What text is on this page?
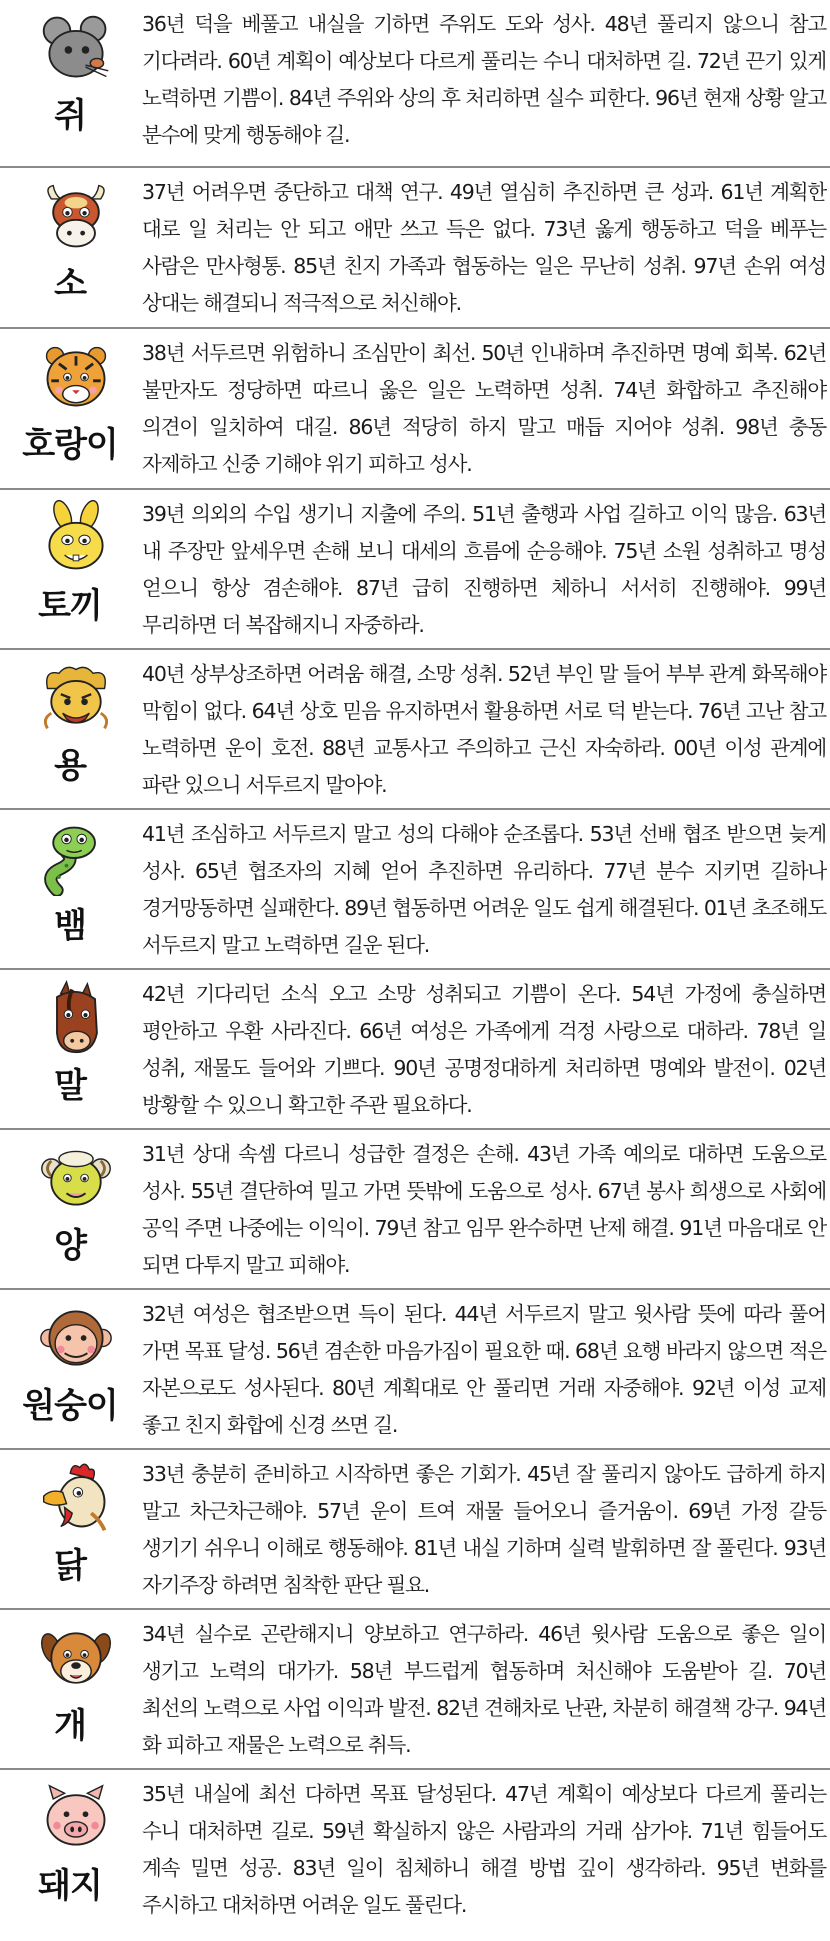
쥐

36년 덕을 베풀고 내실을 기하면 주위도 도와 성사. 48년 풀리지 않으니 참고 기다려라. 60년 계획이 예상보다 다르게 풀리는 수니 대처하면 길. 72년 끈기 있게 노력하면 기쁨이. 84년 주위와 상의 후 처리하면 실수 피한다. 96년 현재 상황 알고 분수에 맞게 행동해야 길.

소

37년 어려우면 중단하고 대책 연구. 49년 열심히 추진하면 큰 성과. 61년 계획한 대로 일 처리는 안 되고 애만 쓰고 득은 없다. 73년 옳게 행동하고 덕을 베푸는 사람은 만사형통. 85년 친지 가족과 협동하는 일은 무난히 성취. 97년 손위 여성 상대는 해결되니 적극적으로 처신해야.

호랑이

38년 서두르면 위험하니 조심만이 최선. 50년 인내하며 추진하면 명예 회복. 62년 불만자도 정당하면 따르니 옳은 일은 노력하면 성취. 74년 화합하고 추진해야 의견이 일치하여 대길. 86년 적당히 하지 말고 매듭 지어야 성취. 98년 충동 자제하고 신중 기해야 위기 피하고 성사.

토끼

39년 의외의 수입 생기니 지출에 주의. 51년 출행과 사업 길하고 이익 많음. 63년 내 주장만 앞세우면 손해 보니 대세의 흐름에 순응해야. 75년 소원 성취하고 명성 얻으니 항상 겸손해야. 87년 급히 진행하면 체하니 서서히 진행해야. 99년 무리하면 더 복잡해지니 자중하라.

용

40년 상부상조하면 어려움 해결, 소망 성취. 52년 부인 말 들어 부부 관계 화목해야 막힘이 없다. 64년 상호 믿음 유지하면서 활용하면 서로 덕 받는다. 76년 고난 참고 노력하면 운이 호전. 88년 교통사고 주의하고 근신 자숙하라. 00년 이성 관계에 파란 있으니 서두르지 말아야.

뱀

41년 조심하고 서두르지 말고 성의 다해야 순조롭다. 53년 선배 협조 받으면 늦게 성사. 65년 협조자의 지혜 얻어 추진하면 유리하다. 77년 분수 지키면 길하나 경거망동하면 실패한다. 89년 협동하면 어려운 일도 쉽게 해결된다. 01년 초조해도 서두르지 말고 노력하면 길운 된다.

말

42년 기다리던 소식 오고 소망 성취되고 기쁨이 온다. 54년 가정에 충실하면 평안하고 우환 사라진다. 66년 여성은 가족에게 걱정 사랑으로 대하라. 78년 일 성취, 재물도 들어와 기쁘다. 90년 공명정대하게 처리하면 명예와 발전이. 02년 방황할 수 있으니 확고한 주관 필요하다.

양

31년 상대 속셈 다르니 성급한 결정은 손해. 43년 가족 예의로 대하면 도움으로 성사. 55년 결단하여 밀고 가면 뜻밖에 도움으로 성사. 67년 봉사 희생으로 사회에 공익 주면 나중에는 이익이. 79년 참고 임무 완수하면 난제 해결. 91년 마음대로 안 되면 다투지 말고 피해야.

원숭이

32년 여성은 협조받으면 득이 된다. 44년 서두르지 말고 윗사람 뜻에 따라 풀어 가면 목표 달성. 56년 겸손한 마음가짐이 필요한 때. 68년 요행 바라지 않으면 적은 자본으로도 성사된다. 80년 계획대로 안 풀리면 거래 자중해야. 92년 이성 교제 좋고 친지 화합에 신경 쓰면 길.

닭

33년 충분히 준비하고 시작하면 좋은 기회가. 45년 잘 풀리지 않아도 급하게 하지 말고 차근차근해야. 57년 운이 트여 재물 들어오니 즐거움이. 69년 가정 갈등 생기기 쉬우니 이해로 행동해야. 81년 내실 기하며 실력 발휘하면 잘 풀린다. 93년 자기주장 하려면 침착한 판단 필요.

개

34년 실수로 곤란해지니 양보하고 연구하라. 46년 윗사람 도움으로 좋은 일이 생기고 노력의 대가가. 58년 부드럽게 협동하며 처신해야 도움받아 길. 70년 최선의 노력으로 사업 이익과 발전. 82년 견해차로 난관, 차분히 해결책 강구. 94년 화 피하고 재물은 노력으로 취득.

돼지

35년 내실에 최선 다하면 목표 달성된다. 47년 계획이 예상보다 다르게 풀리는 수니 대처하면 길로. 59년 확실하지 않은 사람과의 거래 삼가야. 71년 힘들어도 계속 밀면 성공. 83년 일이 침체하니 해결 방법 깊이 생각하라. 95년 변화를 주시하고 대처하면 어려운 일도 풀린다.
